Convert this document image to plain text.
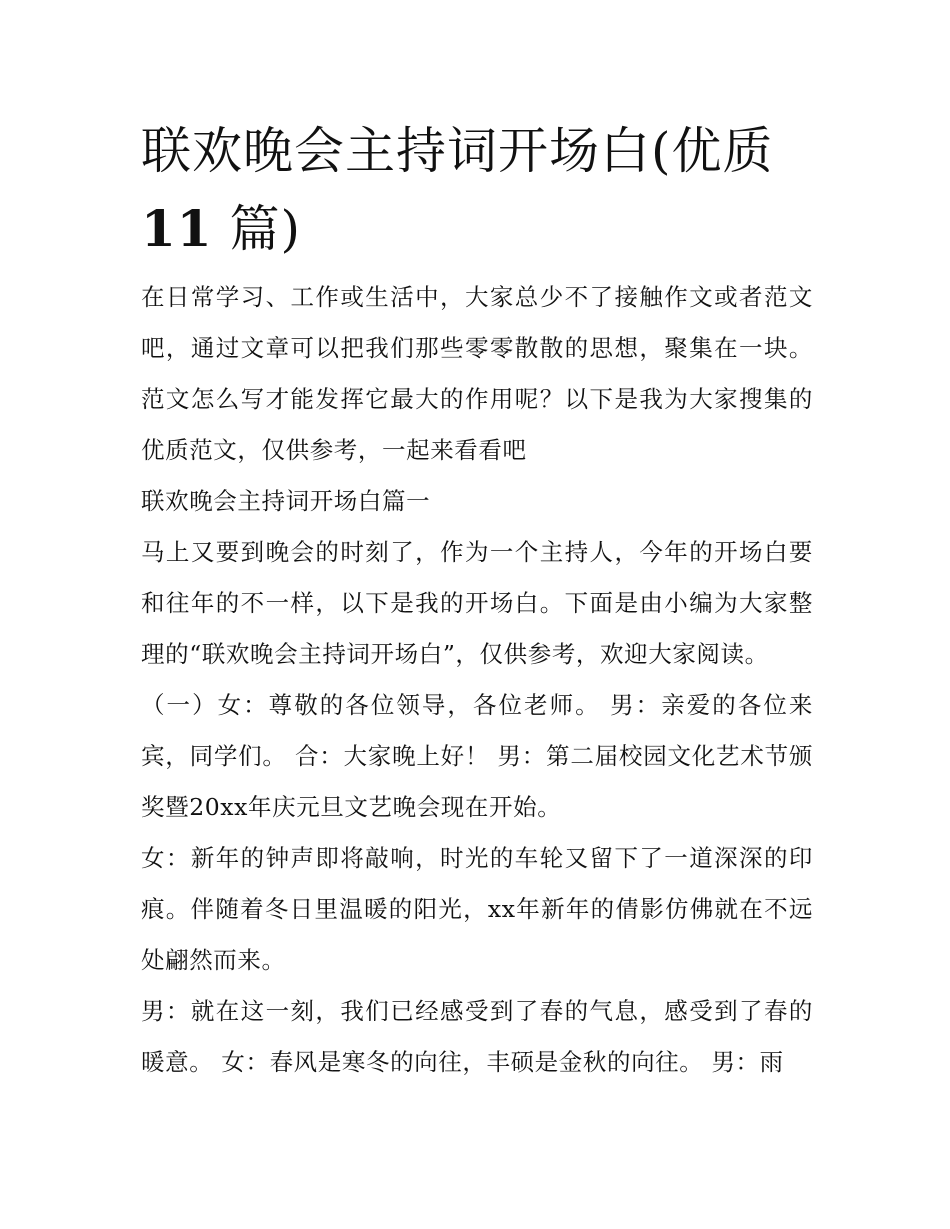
联欢晚会主持词开场白(优质
11 篇)

在日常学习、工作或生活中，大家总少不了接触作文或者范文吧，通过文章可以把我们那些零零散散的思想，聚集在一块。范文怎么写才能发挥它最大的作用呢？以下是我为大家搜集的优质范文，仅供参考，一起来看看吧

联欢晚会主持词开场白篇一

马上又要到晚会的时刻了，作为一个主持人，今年的开场白要和往年的不一样，以下是我的开场白。下面是由小编为大家整理的“联欢晚会主持词开场白”，仅供参考，欢迎大家阅读。

（一）女：尊敬的各位领导，各位老师。 男：亲爱的各位来宾，同学们。 合：大家晚上好！ 男：第二届校园文化艺术节颁奖暨20xx年庆元旦文艺晚会现在开始。

女：新年的钟声即将敲响，时光的车轮又留下了一道深深的印痕。伴随着冬日里温暖的阳光，xx年新年的倩影仿佛就在不远处翩然而来。

男：就在这一刻，我们已经感受到了春的气息，感受到了春的暖意。 女：春风是寒冬的向往，丰硕是金秋的向往。 男：雨
